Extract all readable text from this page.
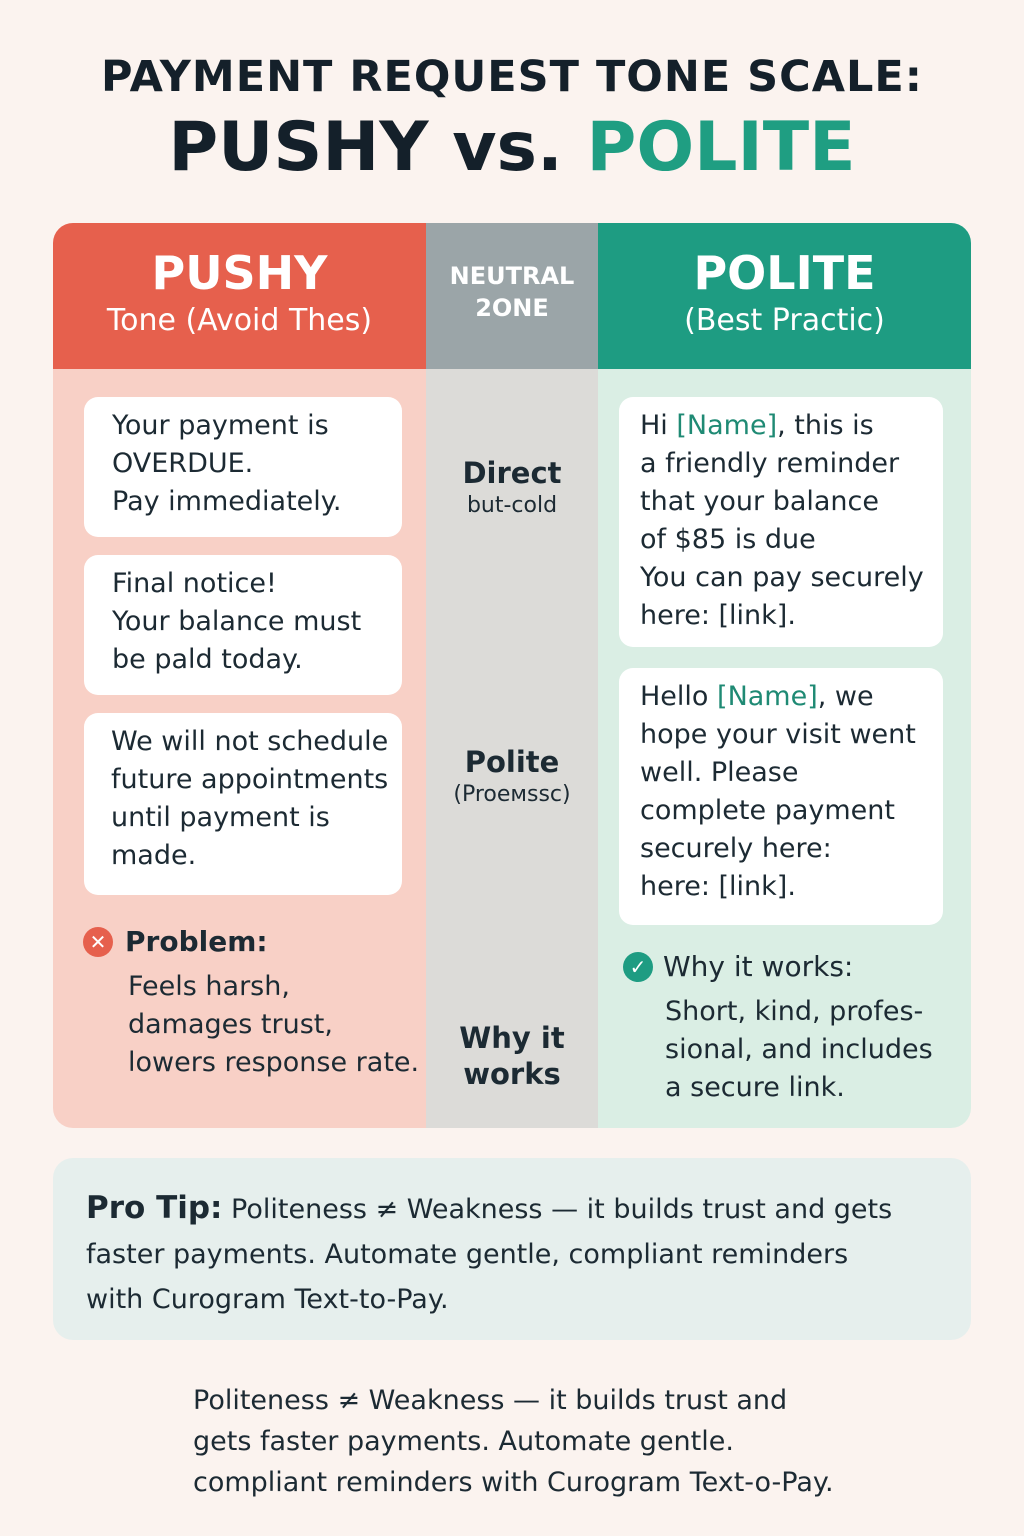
PAYMENT REQUEST TONE SCALE:
PUSHY vs. POLITE
PUSHY
Tone (Avoid Thes)
NEUTRAL
2ONE
POLITE
(Best Practic)
Your payment is
OVERDUE.
Pay immediately.
Final notice!
Your balance must
be pald today.
We will not schedule
future appointments
until payment is
made.
✕ Problem:
Feels harsh,
damages trust,
lowers response rate.
Direct
but-cold
Polite
(Proeмssc)
Why it
works
Hi [Name], this is
a friendly reminder
that your balance
of $85 is due
You can pay securely
here: [link].
Hello [Name], we
hope your visit went
well. Please
complete payment
securely here:
here: [link].
✓ Why it works:
Short, kind, profes-
sional, and includes
a secure link.
Pro Tip: Politeness ≠ Weakness — it builds trust and gets
faster payments. Automate gentle, compliant reminders
with Curogram Text-to-Pay.
Politeness ≠ Weakness — it builds trust and
gets faster payments. Automate gentle.
compliant reminders with Curogram Text-o-Pay.
